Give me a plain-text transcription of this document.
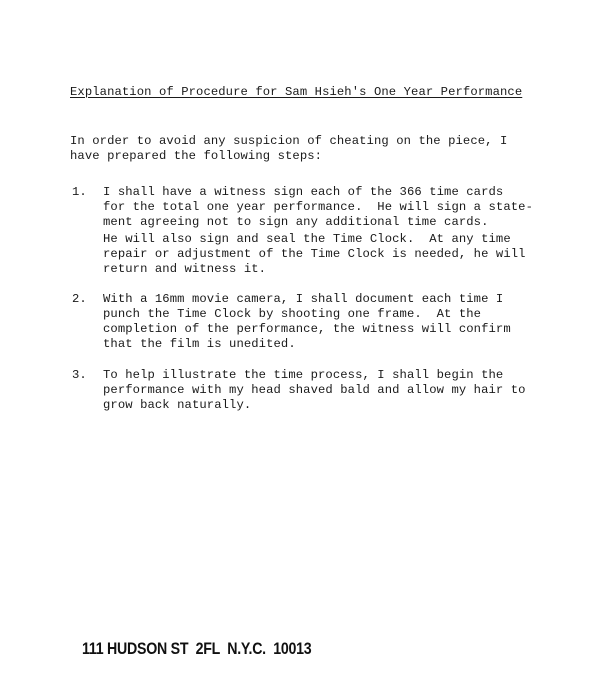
Explanation of Procedure for Sam Hsieh's One Year Performance
In order to avoid any suspicion of cheating on the piece, I
have prepared the following steps:
1. I shall have a witness sign each of the 366 time cards
for the total one year performance.  He will sign a state-
ment agreeing not to sign any additional time cards.
He will also sign and seal the Time Clock.  At any time
repair or adjustment of the Time Clock is needed, he will
return and witness it.
2. With a 16mm movie camera, I shall document each time I
punch the Time Clock by shooting one frame.  At the
completion of the performance, the witness will confirm
that the film is unedited.
3. To help illustrate the time process, I shall begin the
performance with my head shaved bald and allow my hair to
grow back naturally.
111 HUDSON ST  2FL  N.Y.C.  10013
